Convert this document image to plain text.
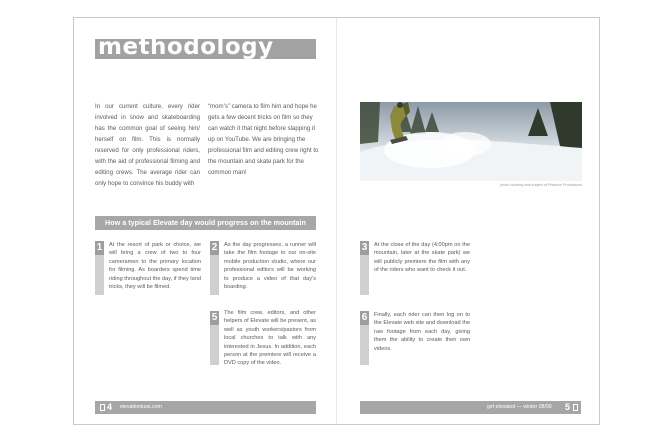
methodology
In our current culture, every rider involved in snow and skateboarding has the common goal of seeing him/ herself on film. This is normally reserved for only professional riders, with the aid of professional filming and editing crews. The average rider can only hope to convince his buddy with
“mom’s” camera to film him and hope he gets a few decent tricks on film so they can watch it that night before slapping it up on YouTube. We are bringing the professional film and editing crew right to the mountain and skate park for the common man!
photo courtesy and subject of Phasnoc Productions
How a typical Elevate day would progress on the mountain
1	At the resort of park or choice, we will bring a crew of two to four cameramen to the primary location for filming. As boarders spend time riding throughout the day, if they land tricks, they will be filmed.
2	As the day progresses, a runner will take the film footage to our on-site mobile production studio, where our professional editors will be working to produce a video of that day’s boarding.
3	At the close of the day (4:00pm on the mountain, later at the skate park) we will publicly premiere the film with any of the riders who want to check it out.
5	The film crew, editors, and other helpers of Elevate will be present, as well as youth workers/pastors from local churches to talk with any interested in Jesus. In addition, each person at the premiere will receive a DVD copy of the video.
6	Finally, each rider can then log on to the Elevate web site and download the raw footage from each day, giving them the ability to create their own videos.
4 elevationtuse.com	get elevated — winter 08/09 5
